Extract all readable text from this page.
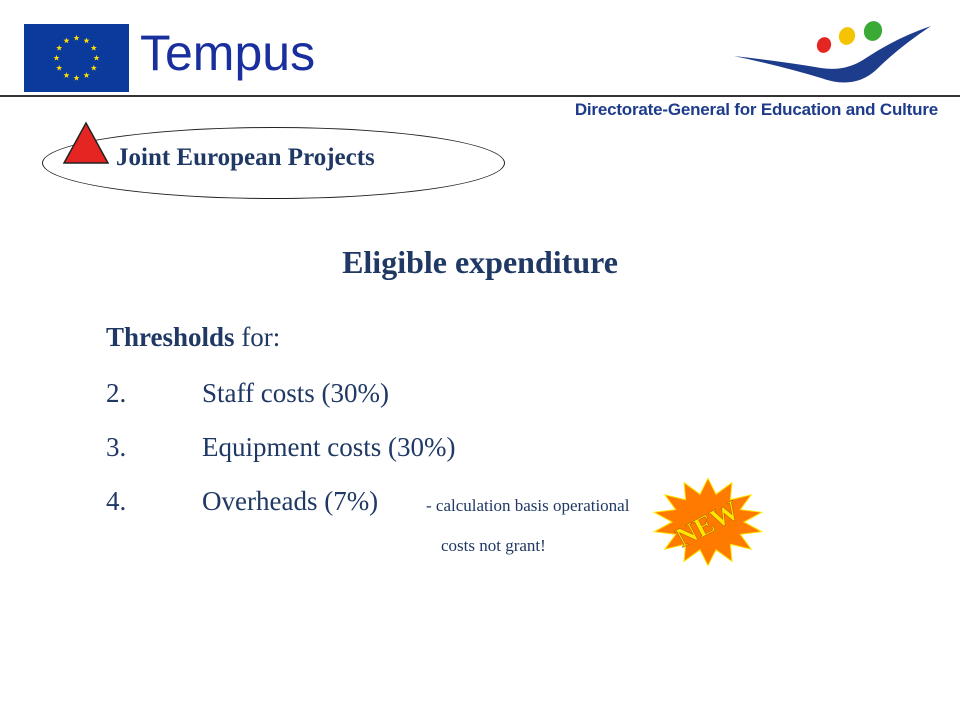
Tempus
Directorate-General for Education and Culture
Joint European Projects
Eligible expenditure
Thresholds for:
2.	Staff costs (30%)
3.	Equipment costs (30%)
4.	Overheads (7%)	- calculation basis operational
costs not grant!	NEW
